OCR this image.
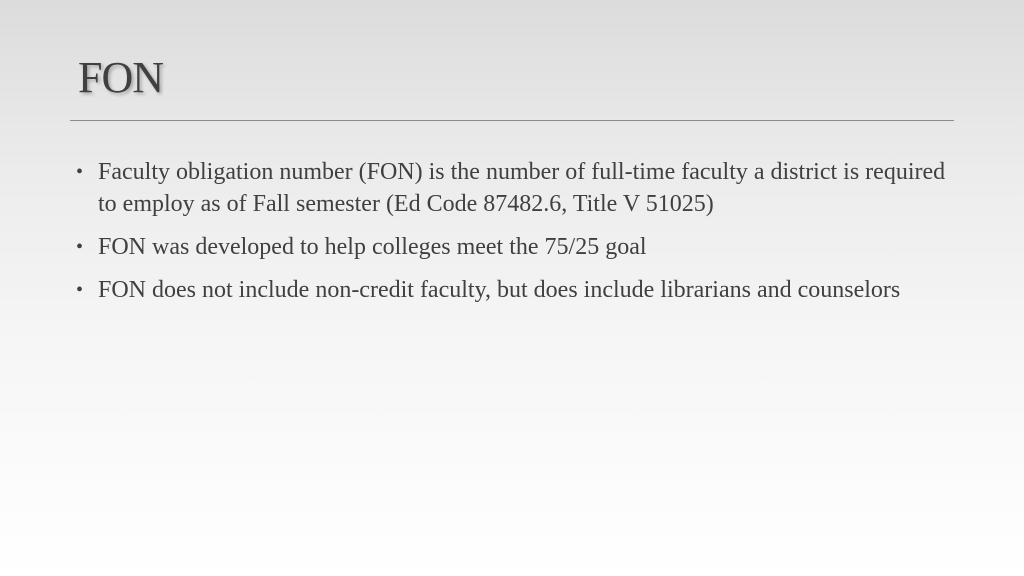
FON
• Faculty obligation number (FON) is the number of full-time faculty a district is required to employ as of Fall semester (Ed Code 87482.6, Title V 51025)
• FON was developed to help colleges meet the 75/25 goal
• FON does not include non-credit faculty, but does include librarians and counselors
